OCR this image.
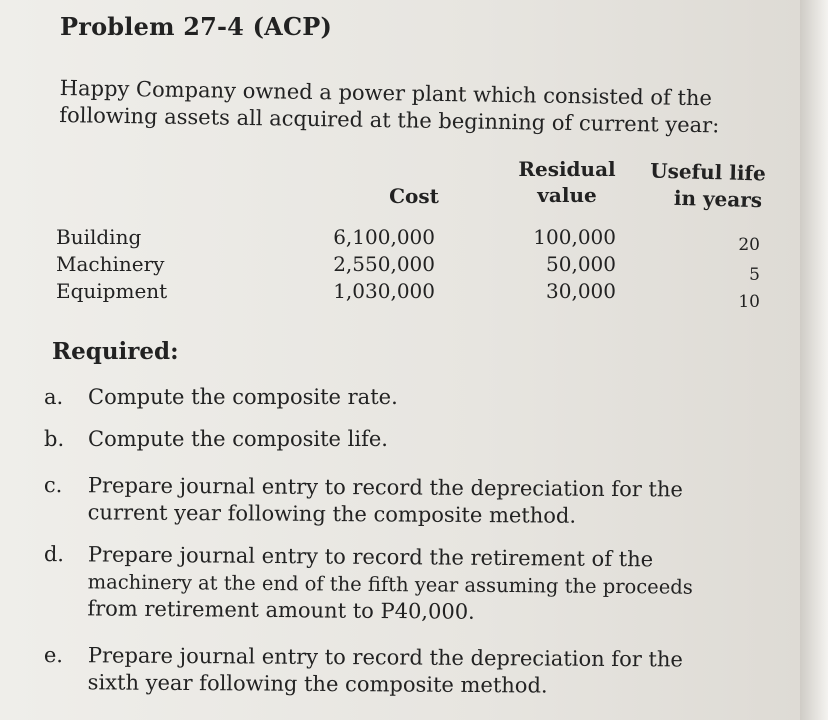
Problem 27-4 (ACP)
Happy Company owned a power plant which consisted of the
following assets all acquired at the beginning of current year:
Cost
Residual
value
Useful life
in years
Building	6,100,000	100,000	20
Machinery	2,550,000	50,000	5
Equipment	1,030,000	30,000	10
Required:
a. Compute the composite rate.
b. Compute the composite life.
c. Prepare journal entry to record the depreciation for the
current year following the composite method.
d. Prepare journal entry to record the retirement of the
machinery at the end of the fifth year assuming the proceeds
from retirement amount to P40,000.
e. Prepare journal entry to record the depreciation for the
sixth year following the composite method.
